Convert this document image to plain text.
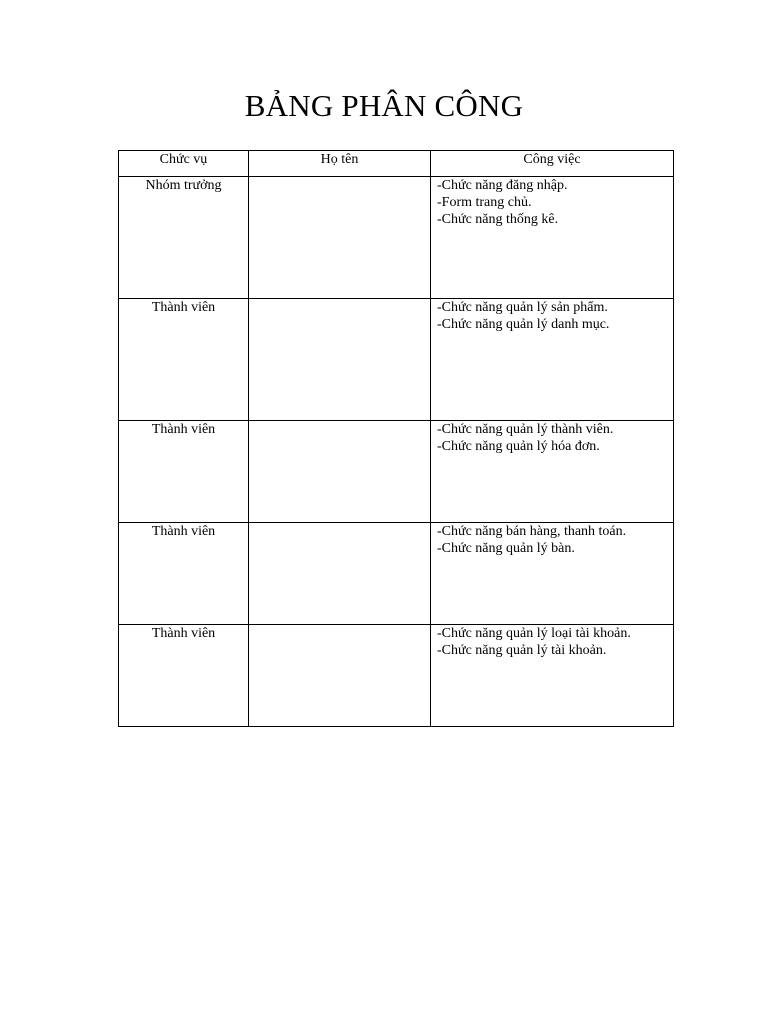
BẢNG PHÂN CÔNG
Chức vụ	Họ tên	Công việc
Nhóm trưởng		-Chức năng đăng nhập.
-Form trang chủ.
-Chức năng thống kê.

Thành viên		-Chức năng quản lý sản phẩm.
-Chức năng quản lý danh mục.

Thành viên		-Chức năng quản lý thành viên.
-Chức năng quản lý hóa đơn.

Thành viên		-Chức năng bán hàng, thanh toán.
-Chức năng quản lý bàn.

Thành viên		-Chức năng quản lý loại tài khoản.
-Chức năng quản lý tài khoản.
